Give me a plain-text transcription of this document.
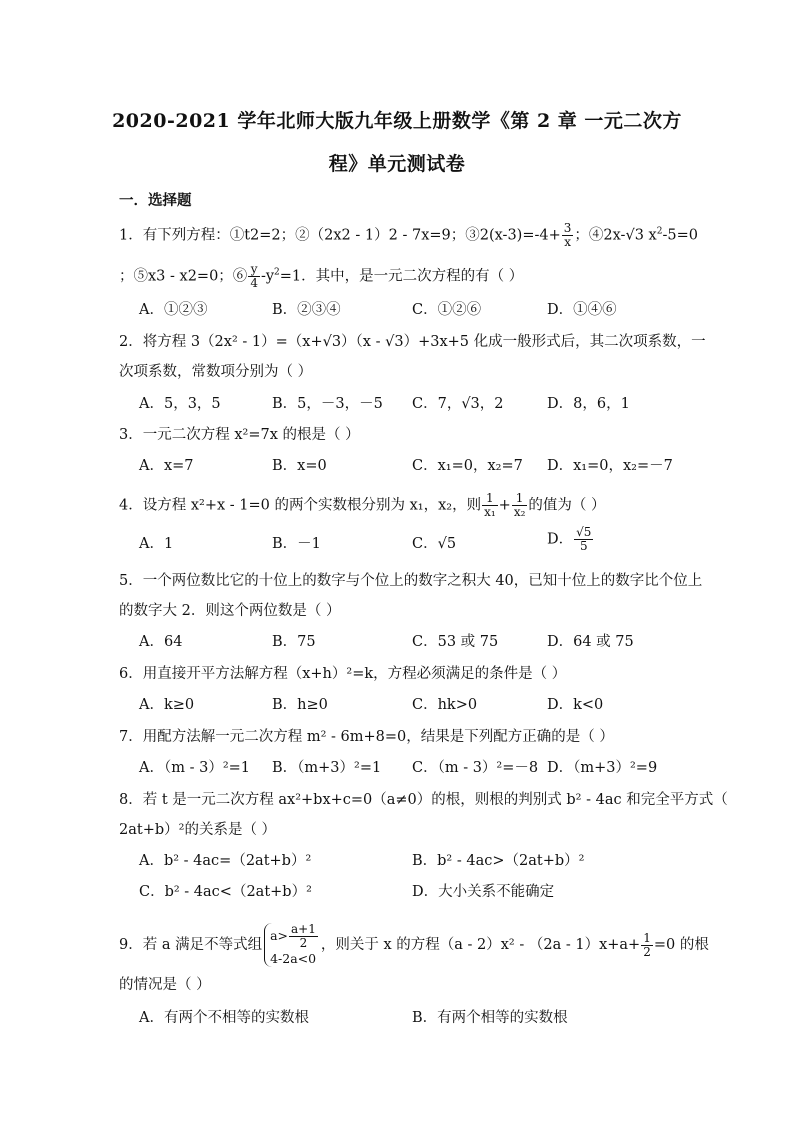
2020-2021 学年北师大版九年级上册数学《第 2 章 一元二次方
程》单元测试卷
一．选择题
1．有下列方程：①t2=2；②（2x2 - 1）2 - 7x=9；③2(x-3)=-4+ $\frac{3}{x}$ ；④2x-√3 $x^2-5=0$
；⑤x3 - x2=0；⑥ $\frac{y}{4} -y^2=1$．其中，是一元二次方程的有（ ）
A．①②③	B．②③④	C．①②⑥	D．①④⑥
2．将方程 3（2x² - 1）=（x+√3）（x - √3）+3x+5 化成一般形式后，其二次项系数，一
次项系数，常数项分别为（ ）
A．5，3，5	B．5，－3，－5 C．7，√3，2	D．8，6，1
3．一元二次方程 x²=7x 的根是（ ）
A．x=7	B．x=0	C．x₁=0，x₂=7 D．x₁=0，x₂=－7
4．设方程 x²+x - 1=0 的两个实数根分别为 x₁，x₂，则 $\frac{1}{\text{x₁}} + \frac{1}{\text{x₂}}$ 的值为（ ）
A．1	B．－1	C．√5	D． $\frac{√5}{5}$
5．一个两位数比它的十位上的数字与个位上的数字之积大 40，已知十位上的数字比个位上
的数字大 2．则这个两位数是（ ）
A．64	B．75	C．53 或 75	D．64 或 75
6．用直接开平方法解方程（x+h）²=k，方程必须满足的条件是（ ）
A．k≥0	B．h≥0	C．hk>0	D．k<0
7．用配方法解一元二次方程 m² - 6m+8=0，结果是下列配方正确的是（ ）
A．（m - 3）²=1 B．（m+3）²=1 C．（m - 3）²=－8 D．（m+3）²=9
8．若 t 是一元二次方程 ax²+bx+c=0（a≠0）的根，则根的判别式 b² - 4ac 和完全平方式（
2at+b）²的关系是（ ）
A．b² - 4ac=（2at+b）²	B．b² - 4ac>（2at+b）²
C．b² - 4ac<（2at+b）²	D．大小关系不能确定
9．若 a 满足不等式组
$a> \frac{a+1}{2}$
4-2a<0
，则关于 x 的方程$(a - 2)x^2 - (2a - 1)x+a+ \frac{1}{2} =0$ 的根
的情况是（ ）
A．有两个不相等的实数根	B．有两个相等的实数根
